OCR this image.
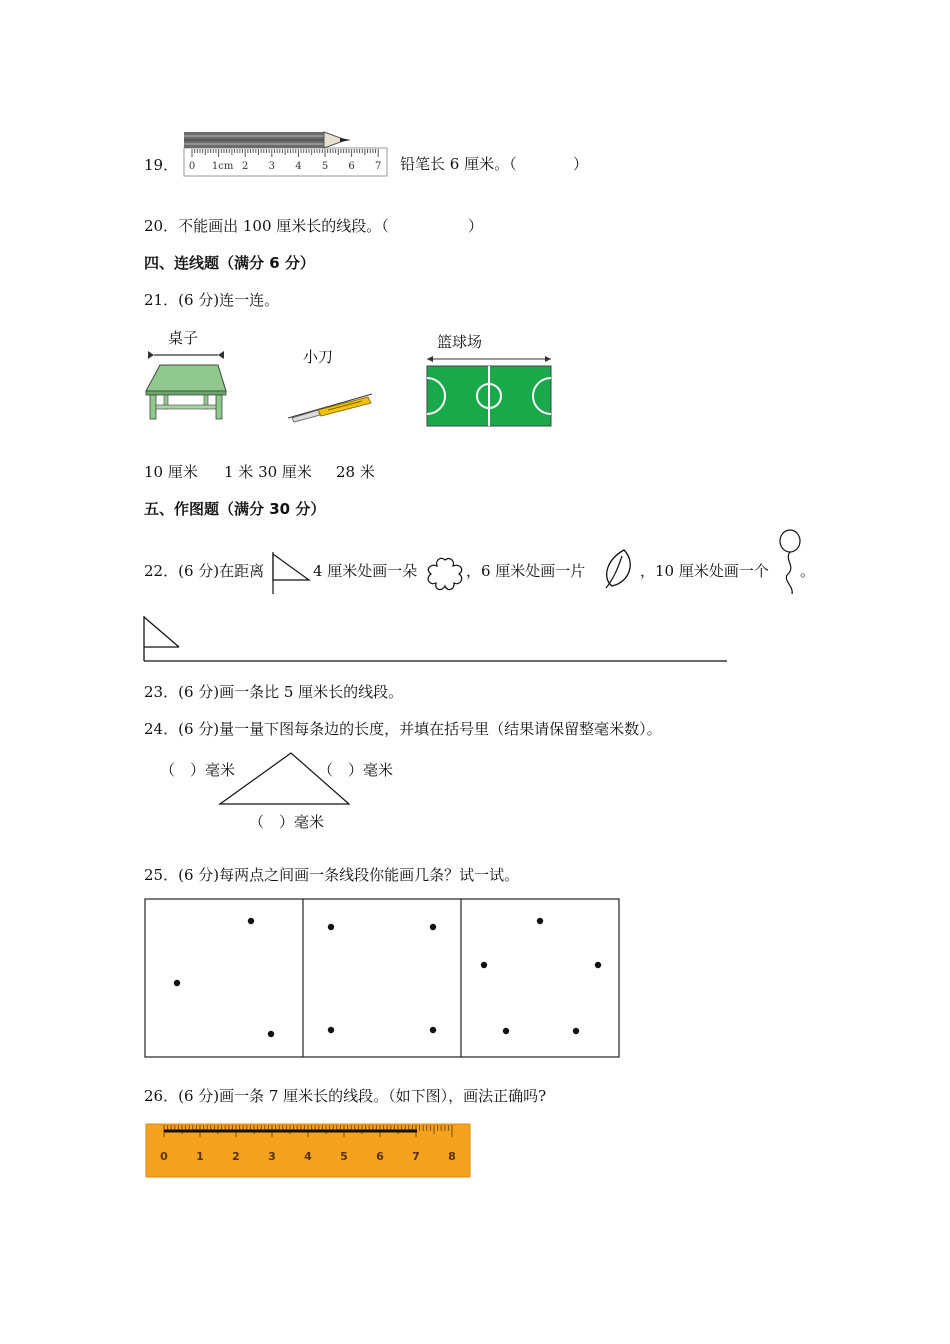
19． 0 1cm 2 3 4 5 6 7 铅笔长 6 厘米。（	）
20．不能画出 100 厘米长的线段。（	）
四、连线题（满分 6 分）
21．(6 分)连一连。
桌子
小刀
篮球场
10 厘米 1 米 30 厘米 28 米
五、作图题（满分 30 分）
22．(6 分)在距离	4 厘米处画一朵	，6 厘米处画一片	，10 厘米处画一个 。
23．(6 分)画一条比 5 厘米长的线段。
24．(6 分)量一量下图每条边的长度，并填在括号里（结果请保留整毫米数）。
（　）毫米	（　）毫米
（　）毫米
25．(6 分)每两点之间画一条线段你能画几条？试一试。
26．(6 分)画一条 7 厘米长的线段。（如下图），画法正确吗?
0	1	2	3	4	5	6	7	8
